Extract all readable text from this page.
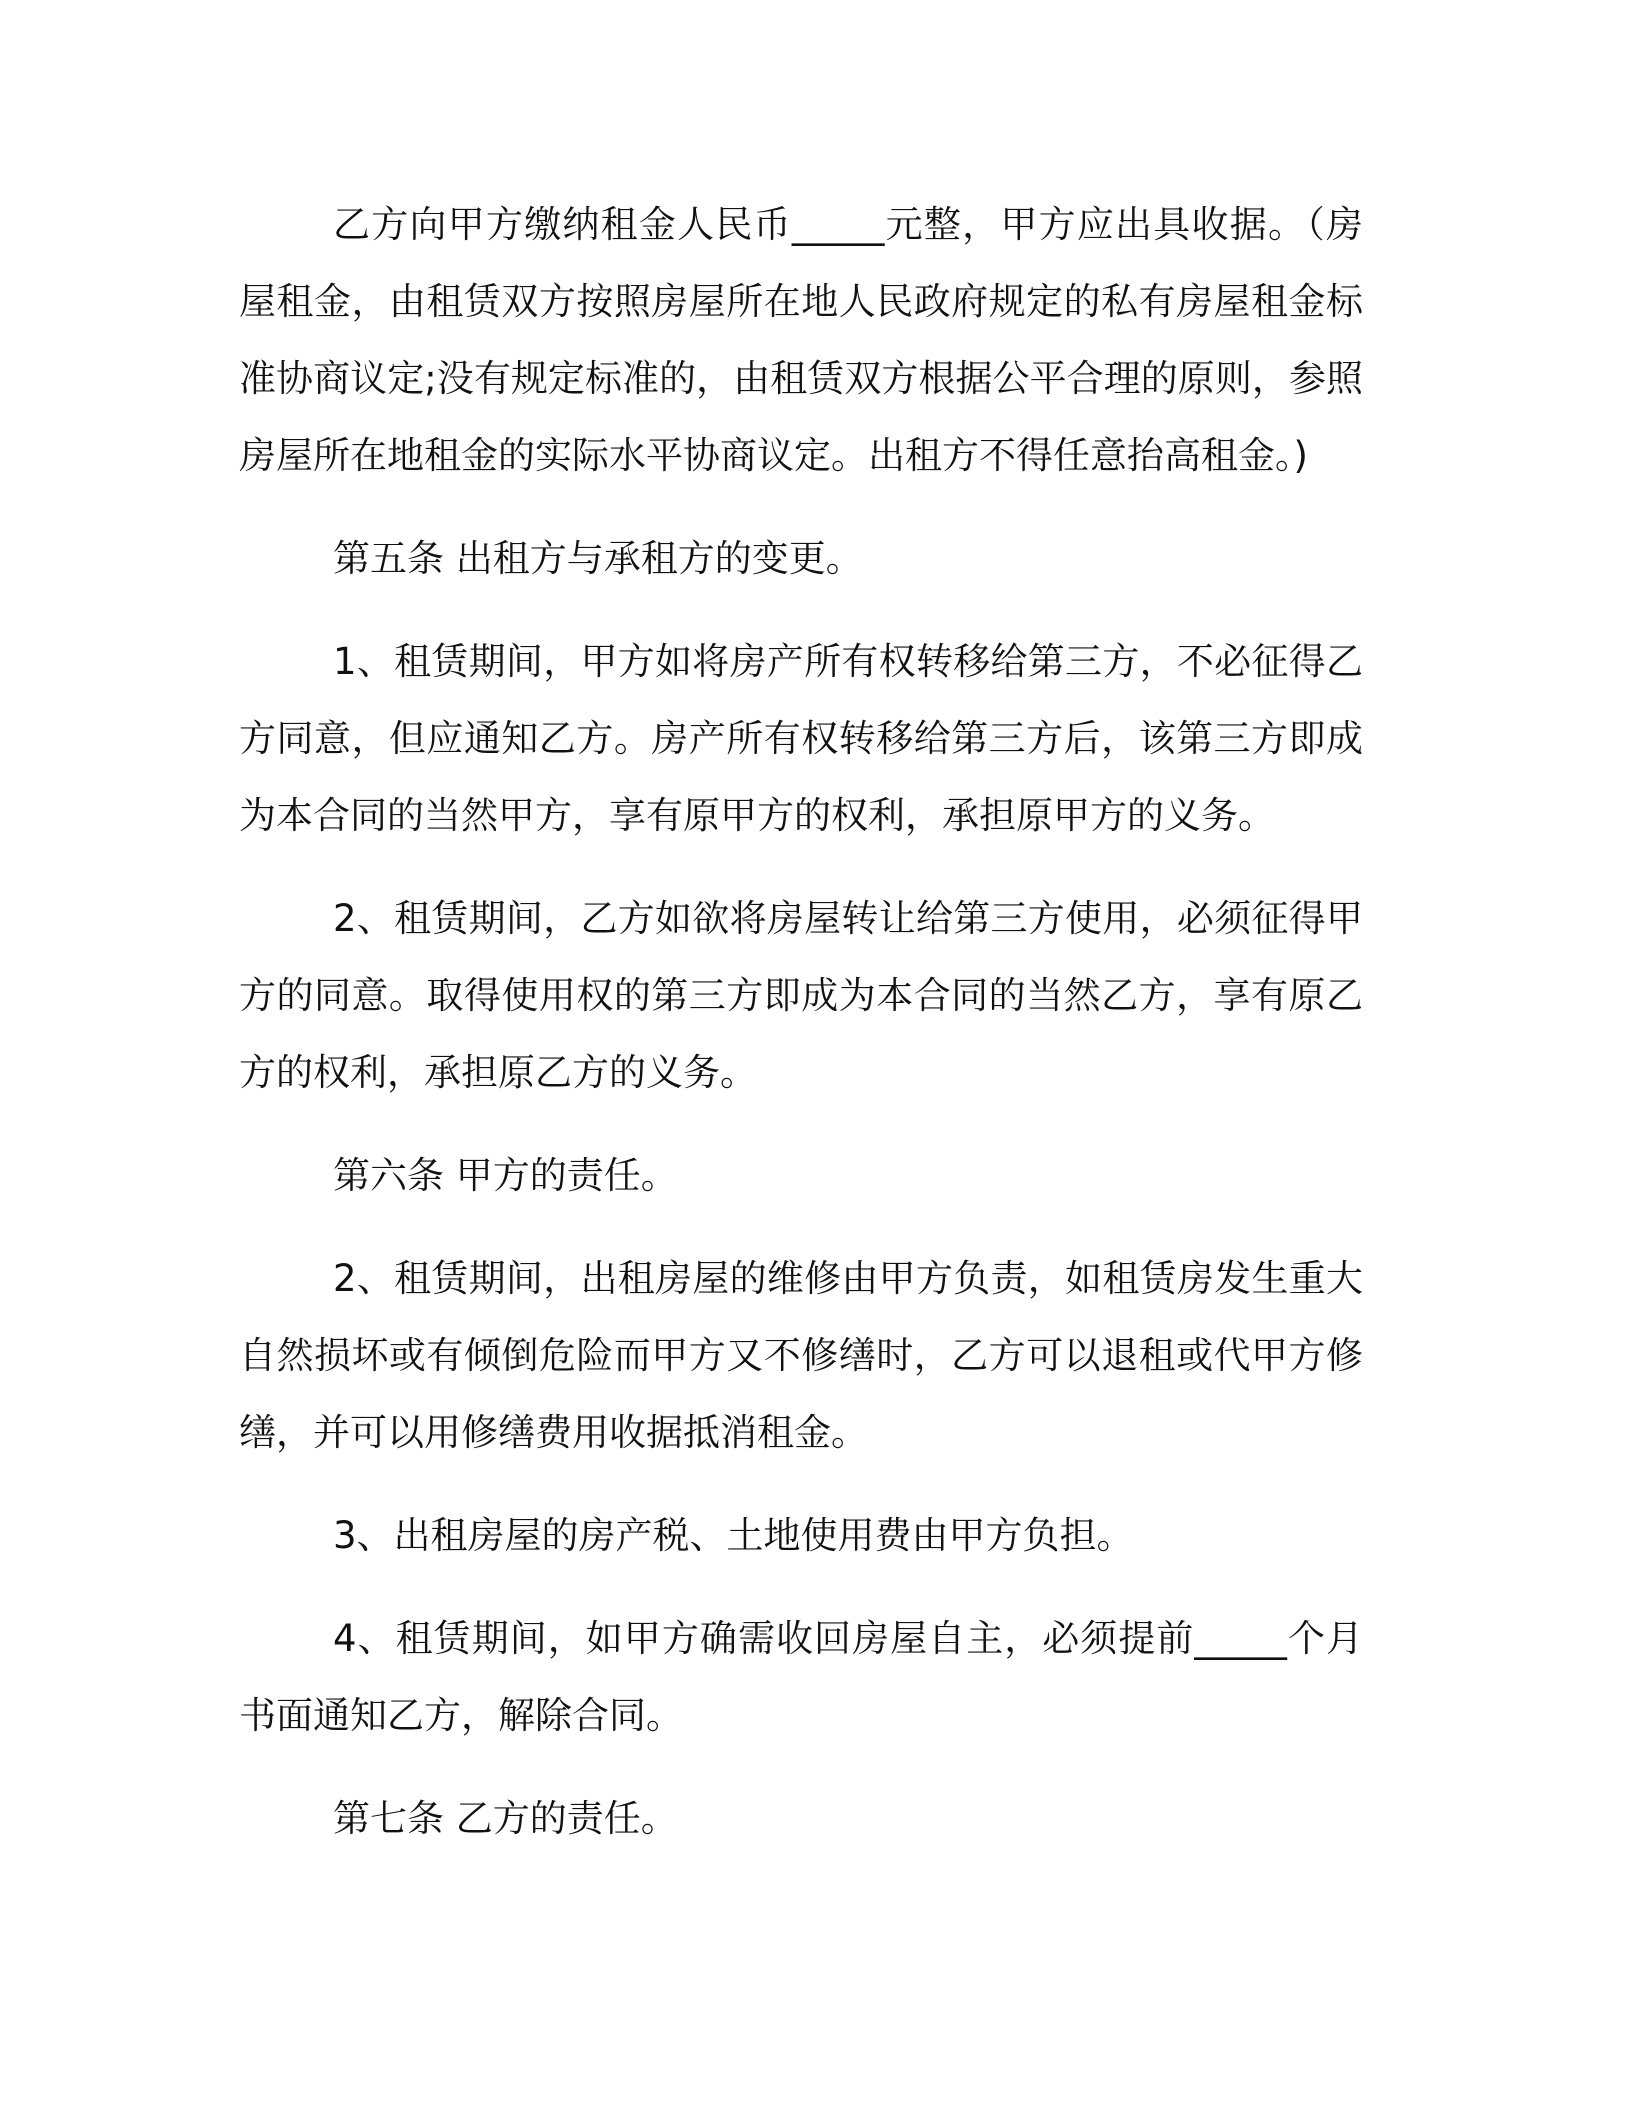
乙方向甲方缴纳租金人民币_____元整，甲方应出具收据。（房屋租金，由租赁双方按照房屋所在地人民政府规定的私有房屋租金标准协商议定;没有规定标准的，由租赁双方根据公平合理的原则，参照房屋所在地租金的实际水平协商议定。出租方不得任意抬高租金。)

第五条 出租方与承租方的变更。

1、租赁期间，甲方如将房产所有权转移给第三方，不必征得乙方同意，但应通知乙方。房产所有权转移给第三方后，该第三方即成为本合同的当然甲方，享有原甲方的权利，承担原甲方的义务。

2、租赁期间，乙方如欲将房屋转让给第三方使用，必须征得甲方的同意。取得使用权的第三方即成为本合同的当然乙方，享有原乙方的权利，承担原乙方的义务。

第六条 甲方的责任。

2、租赁期间，出租房屋的维修由甲方负责，如租赁房发生重大自然损坏或有倾倒危险而甲方又不修缮时，乙方可以退租或代甲方修缮，并可以用修缮费用收据抵消租金。

3、出租房屋的房产税、土地使用费由甲方负担。

4、租赁期间，如甲方确需收回房屋自主，必须提前_____个月书面通知乙方，解除合同。

第七条 乙方的责任。
